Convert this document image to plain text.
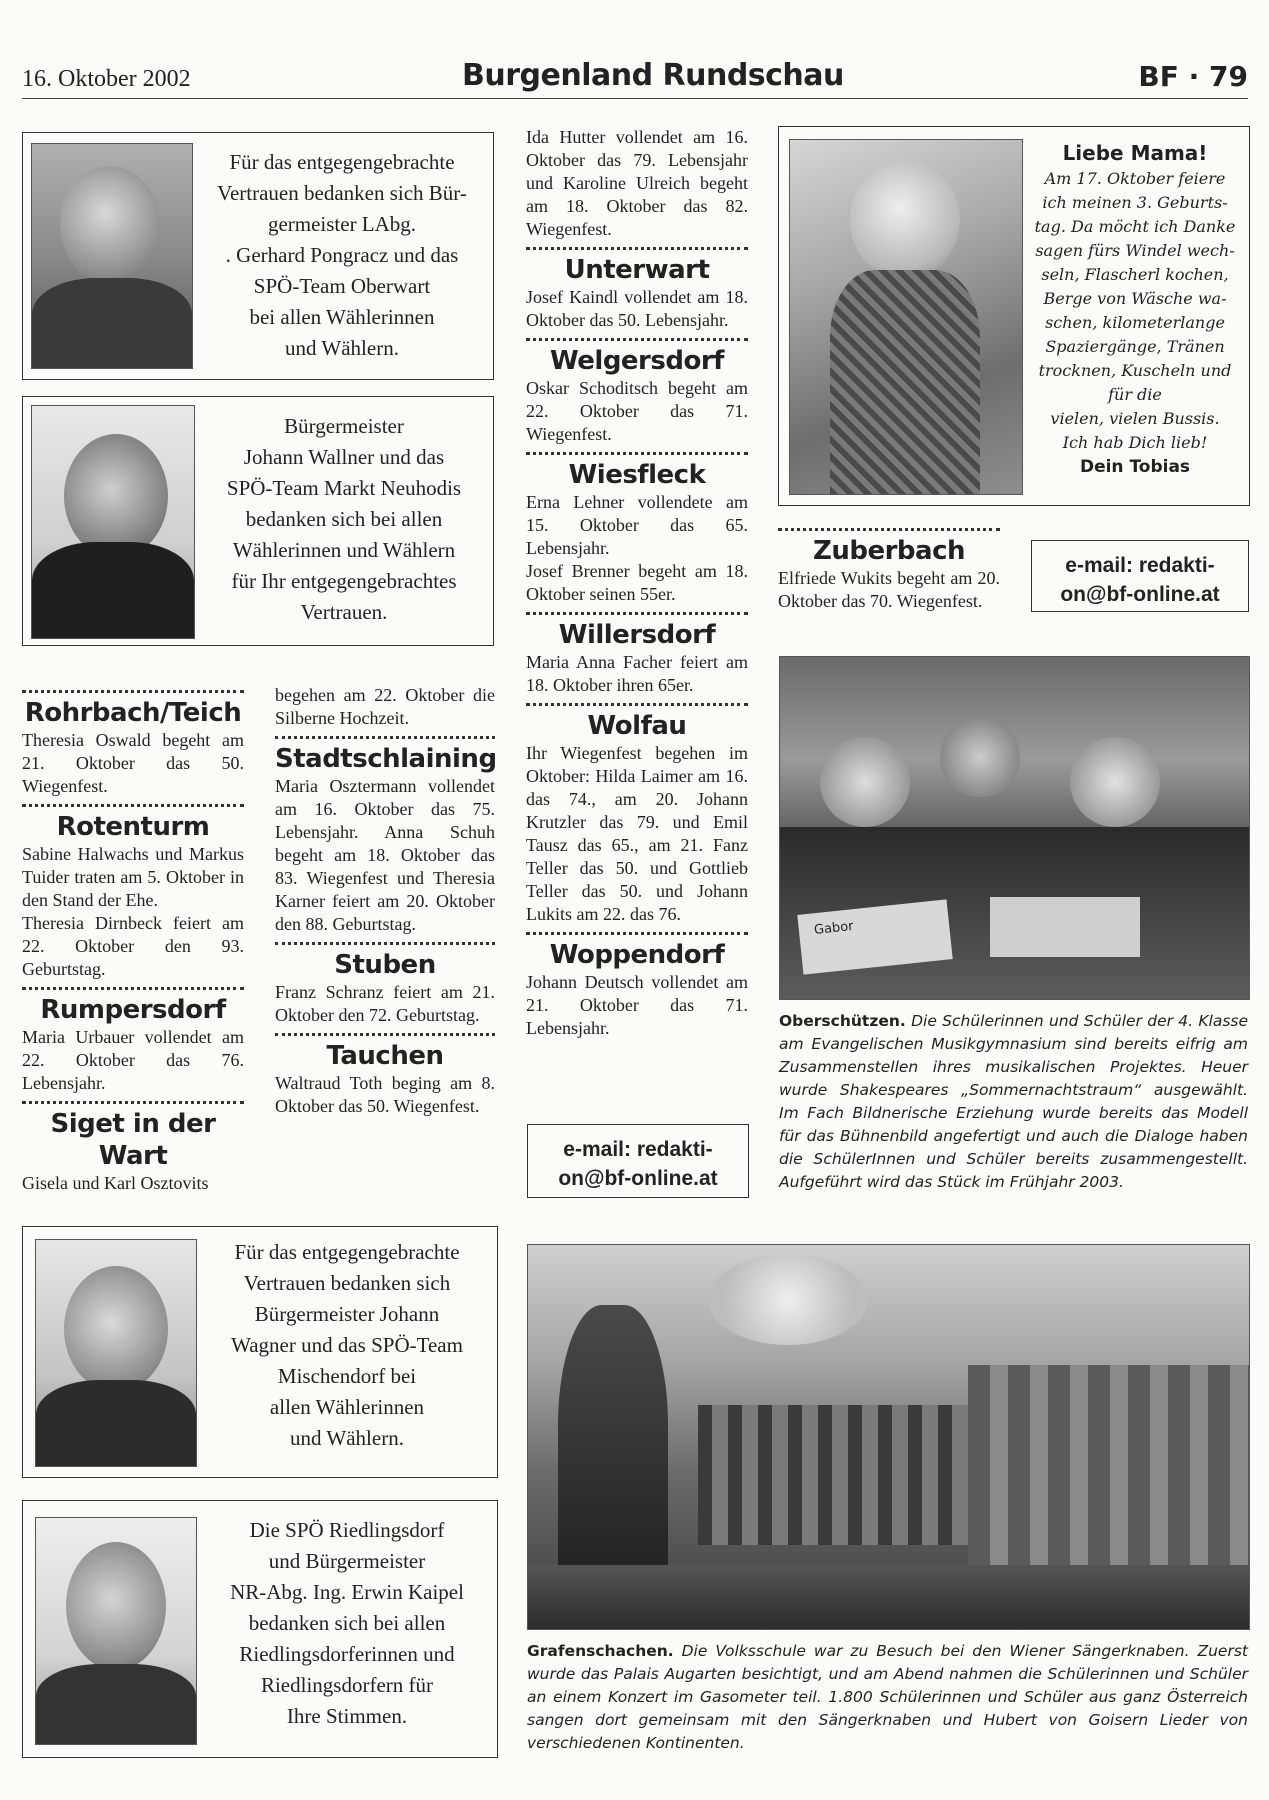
16. Oktober 2002	Burgenland Rundschau	BF · 79
Für das entgegengebrachte
Vertrauen bedanken sich Bür-
germeister LAbg.
. Gerhard Pongracz und das
SPÖ-Team Oberwart
bei allen Wählerinnen
und Wählern.
Bürgermeister
Johann Wallner und das
SPÖ-Team Markt Neuhodis
bedanken sich bei allen
Wählerinnen und Wählern
für Ihr entgegengebrachtes
Vertrauen.
Rohrbach/Teich

Theresia Oswald begeht am 21. Oktober das 50. Wiegenfest.

Rotenturm

Sabine Halwachs und Markus Tuider traten am 5. Oktober in den Stand der Ehe.

Theresia Dirnbeck feiert am 22. Oktober den 93. Geburtstag.

Rumpersdorf

Maria Urbauer vollendet am 22. Oktober das 76. Lebensjahr.

Siget in der Wart

Gisela und Karl Osztovits

begehen am 22. Oktober die Silberne Hochzeit.

Stadtschlaining

Maria Osztermann vollendet am 16. Oktober das 75. Lebensjahr. Anna Schuh begeht am 18. Oktober das 83. Wiegenfest und Theresia Karner feiert am 20. Oktober den 88. Geburtstag.

Stuben

Franz Schranz feiert am 21. Oktober den 72. Geburtstag.

Tauchen

Waltraud Toth beging am 8. Oktober das 50. Wiegenfest.

Ida Hutter vollendet am 16. Oktober das 79. Lebensjahr und Karoline Ulreich begeht am 18. Oktober das 82. Wiegenfest.

Unterwart

Josef Kaindl vollendet am 18. Oktober das 50. Lebensjahr.

Welgersdorf

Oskar Schoditsch begeht am 22. Oktober das 71. Wiegenfest.

Wiesfleck

Erna Lehner vollendete am 15. Oktober das 65. Lebensjahr.

Josef Brenner begeht am 18. Oktober seinen 55er.

Willersdorf

Maria Anna Facher feiert am 18. Oktober ihren 65er.

Wolfau

Ihr Wiegenfest begehen im Oktober: Hilda Laimer am 16. das 74., am 20. Johann Krutzler das 79. und Emil Tausz das 65., am 21. Fanz Teller das 50. und Gottlieb Teller das 50. und Johann Lukits am 22. das 76.

Woppendorf

Johann Deutsch vollendet am 21. Oktober das 71. Lebensjahr.

e-mail: redakti-
on@bf-online.at
Liebe Mama!
Am 17. Oktober feiere
ich meinen 3. Geburts-
tag. Da möcht ich Danke
sagen fürs Windel wech-
seln, Flascherl kochen,
Berge von Wäsche wa-
schen, kilometerlange
Spaziergänge, Tränen
trocknen, Kuscheln und
für die
vielen, vielen Bussis.
Ich hab Dich lieb!
Dein Tobias
Zuberbach

Elfriede Wukits begeht am 20. Oktober das 70. Wiegenfest.

e-mail: redakti-
on@bf-online.at
Gabor
Oberschützen. Die Schülerinnen und Schüler der 4. Klasse am Evangelischen Musikgymnasium sind bereits eifrig am Zusammenstellen ihres musikalischen Projektes. Heuer wurde Shakespeares „Sommernachtstraum“ ausgewählt. Im Fach Bildnerische Erziehung wurde bereits das Modell für das Bühnenbild angefertigt und auch die Dialoge haben die SchülerInnen und Schüler bereits zusammengestellt. Aufgeführt wird das Stück im Frühjahr 2003.
Für das entgegengebrachte
Vertrauen bedanken sich
Bürgermeister Johann
Wagner und das SPÖ-Team
Mischendorf bei
allen Wählerinnen
und Wählern.
Die SPÖ Riedlingsdorf
und Bürgermeister
NR-Abg. Ing. Erwin Kaipel
bedanken sich bei allen
Riedlingsdorferinnen und
Riedlingsdorfern für
Ihre Stimmen.
Grafenschachen. Die Volksschule war zu Besuch bei den Wiener Sängerknaben. Zuerst wurde das Palais Augarten besichtigt, und am Abend nahmen die Schülerinnen und Schüler an einem Konzert im Gasometer teil. 1.800 Schülerinnen und Schüler aus ganz Österreich sangen dort gemeinsam mit den Sängerknaben und Hubert von Goisern Lieder von verschiedenen Kontinenten.
